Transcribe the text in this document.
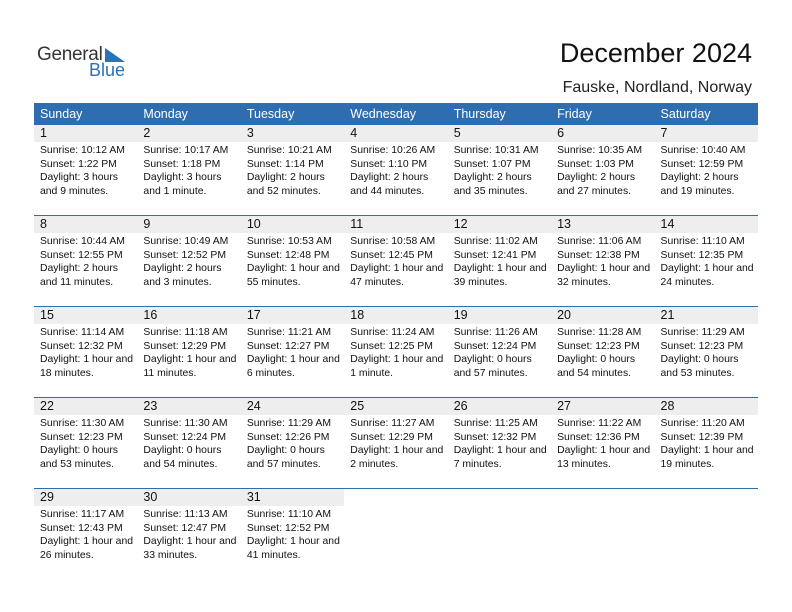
General
Blue
December 2024
Fauske, Nordland, Norway
Sunday	Monday	Tuesday	Wednesday	Thursday	Friday	Saturday
1	2	3	4	5	6	7
Sunrise: 10:12 AM
Sunset: 1:22 PM
Daylight: 3 hours
and 9 minutes.
Sunrise: 10:17 AM
Sunset: 1:18 PM
Daylight: 3 hours
and 1 minute.
Sunrise: 10:21 AM
Sunset: 1:14 PM
Daylight: 2 hours
and 52 minutes.
Sunrise: 10:26 AM
Sunset: 1:10 PM
Daylight: 2 hours
and 44 minutes.
Sunrise: 10:31 AM
Sunset: 1:07 PM
Daylight: 2 hours
and 35 minutes.
Sunrise: 10:35 AM
Sunset: 1:03 PM
Daylight: 2 hours
and 27 minutes.
Sunrise: 10:40 AM
Sunset: 12:59 PM
Daylight: 2 hours
and 19 minutes.
8	9	10	11	12	13	14
Sunrise: 10:44 AM
Sunset: 12:55 PM
Daylight: 2 hours
and 11 minutes.
Sunrise: 10:49 AM
Sunset: 12:52 PM
Daylight: 2 hours
and 3 minutes.
Sunrise: 10:53 AM
Sunset: 12:48 PM
Daylight: 1 hour and
55 minutes.
Sunrise: 10:58 AM
Sunset: 12:45 PM
Daylight: 1 hour and
47 minutes.
Sunrise: 11:02 AM
Sunset: 12:41 PM
Daylight: 1 hour and
39 minutes.
Sunrise: 11:06 AM
Sunset: 12:38 PM
Daylight: 1 hour and
32 minutes.
Sunrise: 11:10 AM
Sunset: 12:35 PM
Daylight: 1 hour and
24 minutes.
15	16	17	18	19	20	21
Sunrise: 11:14 AM
Sunset: 12:32 PM
Daylight: 1 hour and
18 minutes.
Sunrise: 11:18 AM
Sunset: 12:29 PM
Daylight: 1 hour and
11 minutes.
Sunrise: 11:21 AM
Sunset: 12:27 PM
Daylight: 1 hour and
6 minutes.
Sunrise: 11:24 AM
Sunset: 12:25 PM
Daylight: 1 hour and
1 minute.
Sunrise: 11:26 AM
Sunset: 12:24 PM
Daylight: 0 hours
and 57 minutes.
Sunrise: 11:28 AM
Sunset: 12:23 PM
Daylight: 0 hours
and 54 minutes.
Sunrise: 11:29 AM
Sunset: 12:23 PM
Daylight: 0 hours
and 53 minutes.
22	23	24	25	26	27	28
Sunrise: 11:30 AM
Sunset: 12:23 PM
Daylight: 0 hours
and 53 minutes.
Sunrise: 11:30 AM
Sunset: 12:24 PM
Daylight: 0 hours
and 54 minutes.
Sunrise: 11:29 AM
Sunset: 12:26 PM
Daylight: 0 hours
and 57 minutes.
Sunrise: 11:27 AM
Sunset: 12:29 PM
Daylight: 1 hour and
2 minutes.
Sunrise: 11:25 AM
Sunset: 12:32 PM
Daylight: 1 hour and
7 minutes.
Sunrise: 11:22 AM
Sunset: 12:36 PM
Daylight: 1 hour and
13 minutes.
Sunrise: 11:20 AM
Sunset: 12:39 PM
Daylight: 1 hour and
19 minutes.
29	30	31
Sunrise: 11:17 AM
Sunset: 12:43 PM
Daylight: 1 hour and
26 minutes.
Sunrise: 11:13 AM
Sunset: 12:47 PM
Daylight: 1 hour and
33 minutes.
Sunrise: 11:10 AM
Sunset: 12:52 PM
Daylight: 1 hour and
41 minutes.
